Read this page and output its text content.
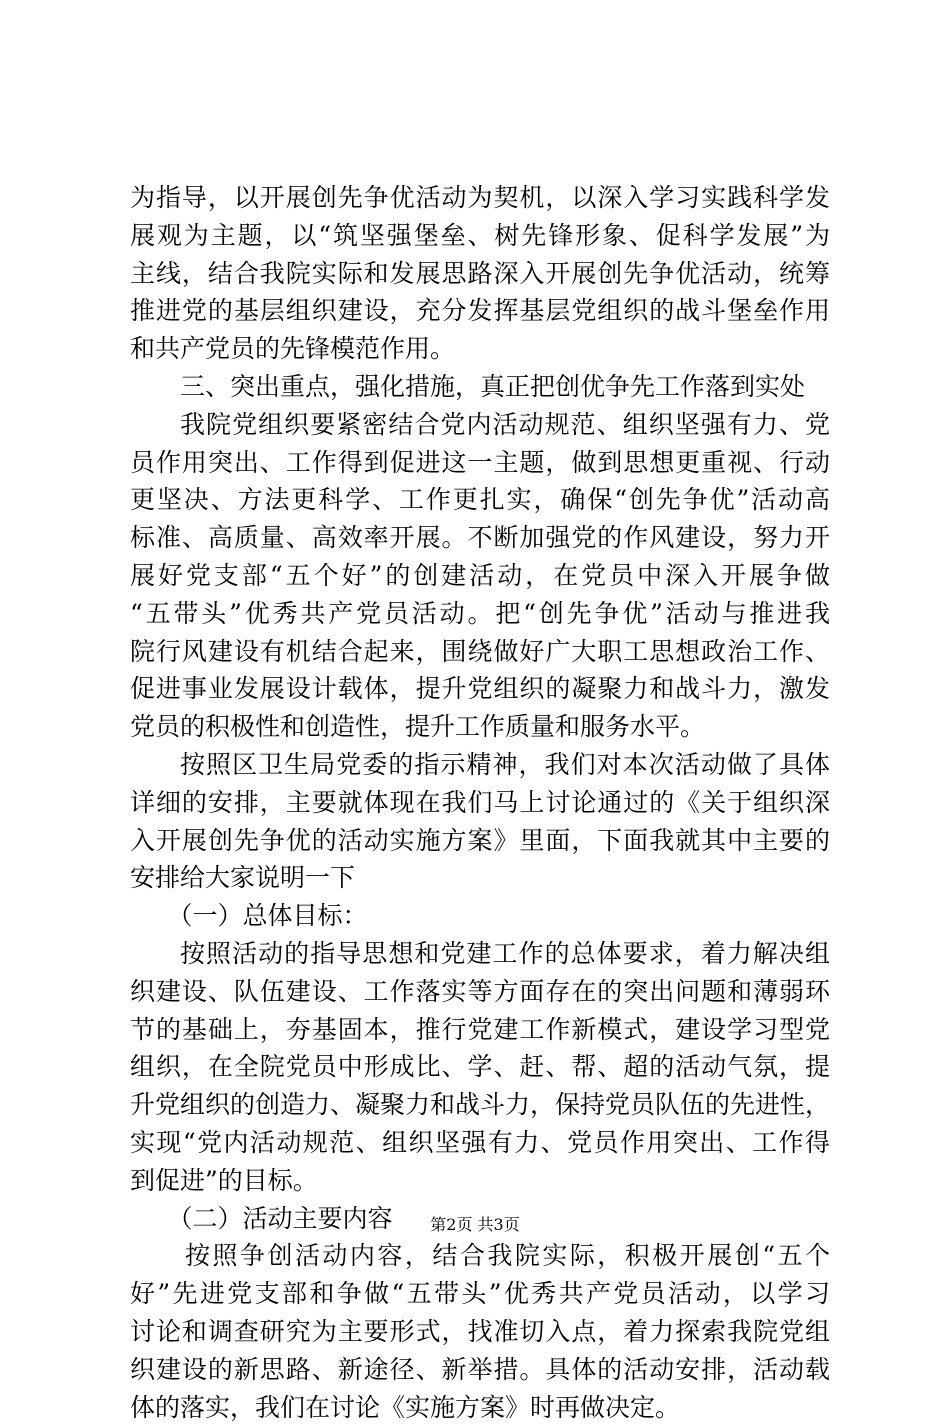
为指导，以开展创先争优活动为契机，以深入学习实践科学发
展观为主题，以“筑坚强堡垒、树先锋形象、促科学发展”为
主线，结合我院实际和发展思路深入开展创先争优活动，统筹
推进党的基层组织建设，充分发挥基层党组织的战斗堡垒作用
和共产党员的先锋模范作用。
三、突出重点，强化措施，真正把创优争先工作落到实处
我院党组织要紧密结合党内活动规范、组织坚强有力、党
员作用突出、工作得到促进这一主题，做到思想更重视、行动
更坚决、方法更科学、工作更扎实，确保“创先争优”活动高
标准、高质量、高效率开展。不断加强党的作风建设，努力开
展好党支部“五个好”的创建活动，在党员中深入开展争做
“五带头”优秀共产党员活动。把“创先争优”活动与推进我
院行风建设有机结合起来，围绕做好广大职工思想政治工作、
促进事业发展设计载体，提升党组织的凝聚力和战斗力，激发
党员的积极性和创造性，提升工作质量和服务水平。
按照区卫生局党委的指示精神，我们对本次活动做了具体
详细的安排，主要就体现在我们马上讨论通过的《关于组织深
入开展创先争优的活动实施方案》里面，下面我就其中主要的
安排给大家说明一下
（一）总体目标：
按照活动的指导思想和党建工作的总体要求，着力解决组
织建设、队伍建设、工作落实等方面存在的突出问题和薄弱环
节的基础上，夯基固本，推行党建工作新模式，建设学习型党
组织，在全院党员中形成比、学、赶、帮、超的活动气氛，提
升党组织的创造力、凝聚力和战斗力，保持党员队伍的先进性，
实现“党内活动规范、组织坚强有力、党员作用突出、工作得
到促进”的目标。
（二）活动主要内容
按照争创活动内容，结合我院实际，积极开展创“五个
好”先进党支部和争做“五带头”优秀共产党员活动，以学习
讨论和调查研究为主要形式，找准切入点，着力探索我院党组
织建设的新思路、新途径、新举措。具体的活动安排，活动载
体的落实，我们在讨论《实施方案》时再做决定。
第2页 共3页
